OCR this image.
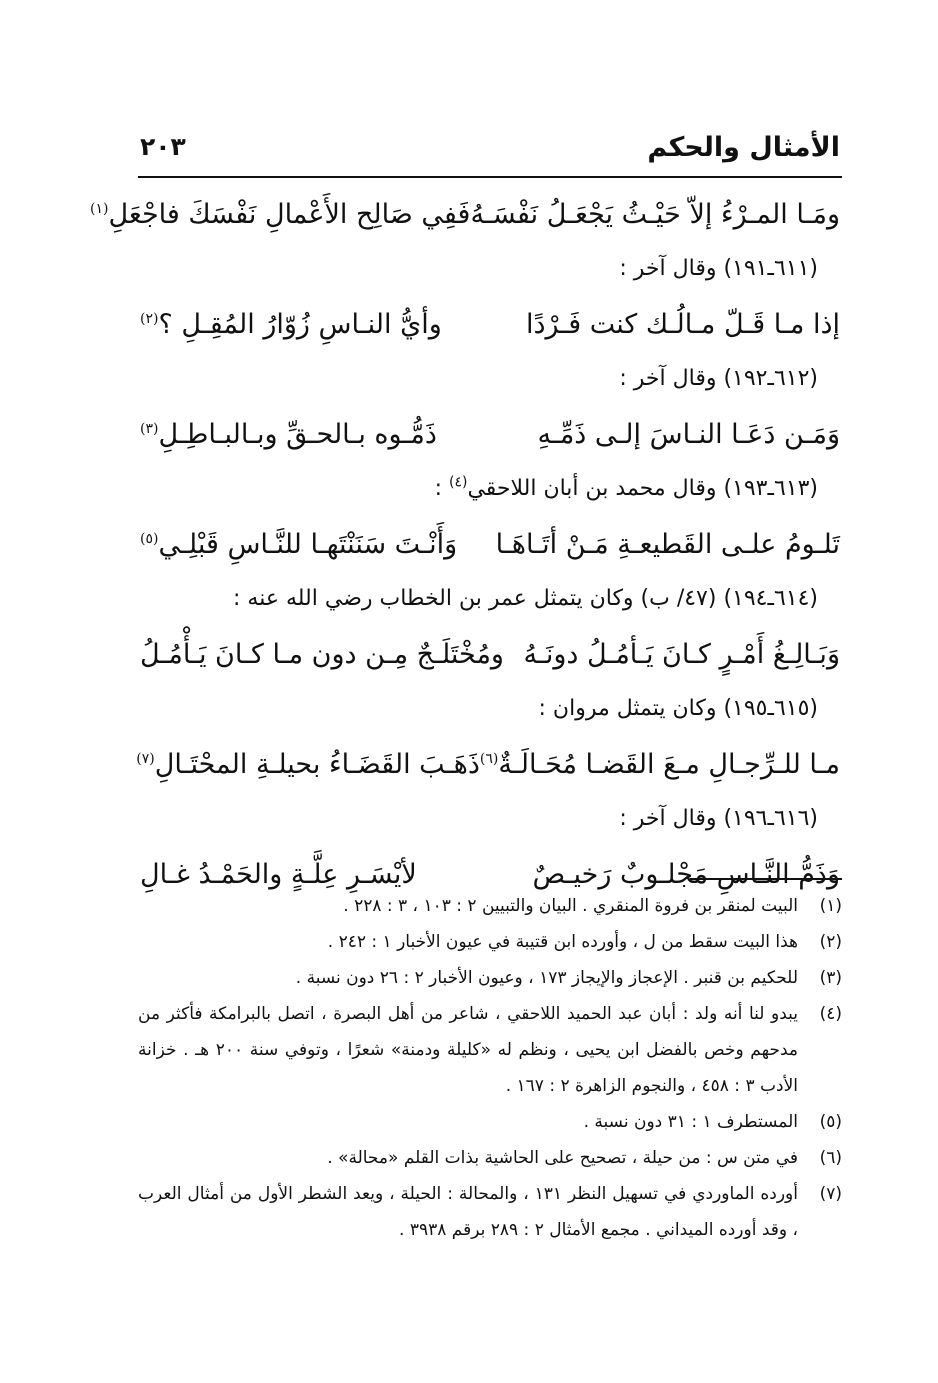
الأمثال والحكم
٢٠٣
ومَـا المـرْءُ إلاّ حَيْـثُ يَجْعَـلُ نَفْسَـهُ
فَفِي صَالِح الأَعْمالِ نَفْسَكَ فاجْعَلِ$^{(١)}$
(٦١١ـ١٩١) وقال آخر :
إذا مـا قَـلّ مـالُـك كنت فَـرْدًا
وأيُّ النـاسِ زُوّارُ المُقِـلِ ؟$^{(٢)}$
(٦١٢ـ١٩٢) وقال آخر :
وَمَـن دَعَـا النـاسَ إلـى ذَمِّـهِ
ذَمُّـوه بـالحـقِّ وبـالبـاطِـلِ$^{(٣)}$
(٦١٣ـ١٩٣) وقال محمد بن أبان اللاحقي$^{(٤)}$ :
تَلـومُ علـى القَطيعـةِ مَـنْ أتَـاهَـا
وَأَنْـتَ سَنَنْتَهـا للنَّـاسِ قَبْلِـي$^{(٥)}$
(٦١٤ـ١٩٤) (٤٧/ ب) وكان يتمثل عمر بن الخطاب رضي الله عنه :
وَبَـالِـغُ أَمْـرٍ كـانَ يَـأمُـلُ دونَـهُ
ومُخْتَلَـجٌ مِـن دون مـا كـانَ يَـأْمُـلُ
(٦١٥ـ١٩٥) وكان يتمثل مروان :
مـا للـرِّجـالِ مـعَ القَضـا مُحَـالَـةٌ$^{(٦)}$
ذَهَـبَ القَضَـاءُ بحيلـةِ المحْتَـالِ$^{(٧)}$
(٦١٦ـ١٩٦) وقال آخر :
وَذَمُّ النَّـاسِ مَجْلـوبٌ رَخيـصٌ
لأيْسَـرِ عِلَّـةٍ والحَمْـدُ غـالِ
(١)
البيت لمنقر بن فروة المنقري . البيان والتبيين ٢ : ١٠٣ ، ٣ : ٢٢٨ .
(٢)
هذا البيت سقط من ل ، وأورده ابن قتيبة في عيون الأخبار ١ : ٢٤٢ .
(٣)
للحكيم بن قنبر . الإعجاز والإيجاز ١٧٣ ، وعيون الأخبار ٢ : ٢٦ دون نسبة .
(٤)
يبدو لنا أنه ولد : أبان عبد الحميد اللاحقي ، شاعر من أهل البصرة ، اتصل بالبرامكة فأكثر من مدحهم وخص بالفضل ابن يحيى ، ونظم له «كليلة ودمنة» شعرًا ، وتوفي سنة ٢٠٠ هـ . خزانة الأدب ٣ : ٤٥٨ ، والنجوم الزاهرة ٢ : ١٦٧ .
(٥)
المستطرف ١ : ٣١ دون نسبة .
(٦)
في متن س : من حيلة ، تصحيح على الحاشية بذات القلم «محالة» .
(٧)
أورده الماوردي في تسهيل النظر ١٣١ ، والمحالة : الحيلة ، ويعد الشطر الأول من أمثال العرب ، وقد أورده الميداني . مجمع الأمثال ٢ : ٢٨٩ برقم ٣٩٣٨ .
